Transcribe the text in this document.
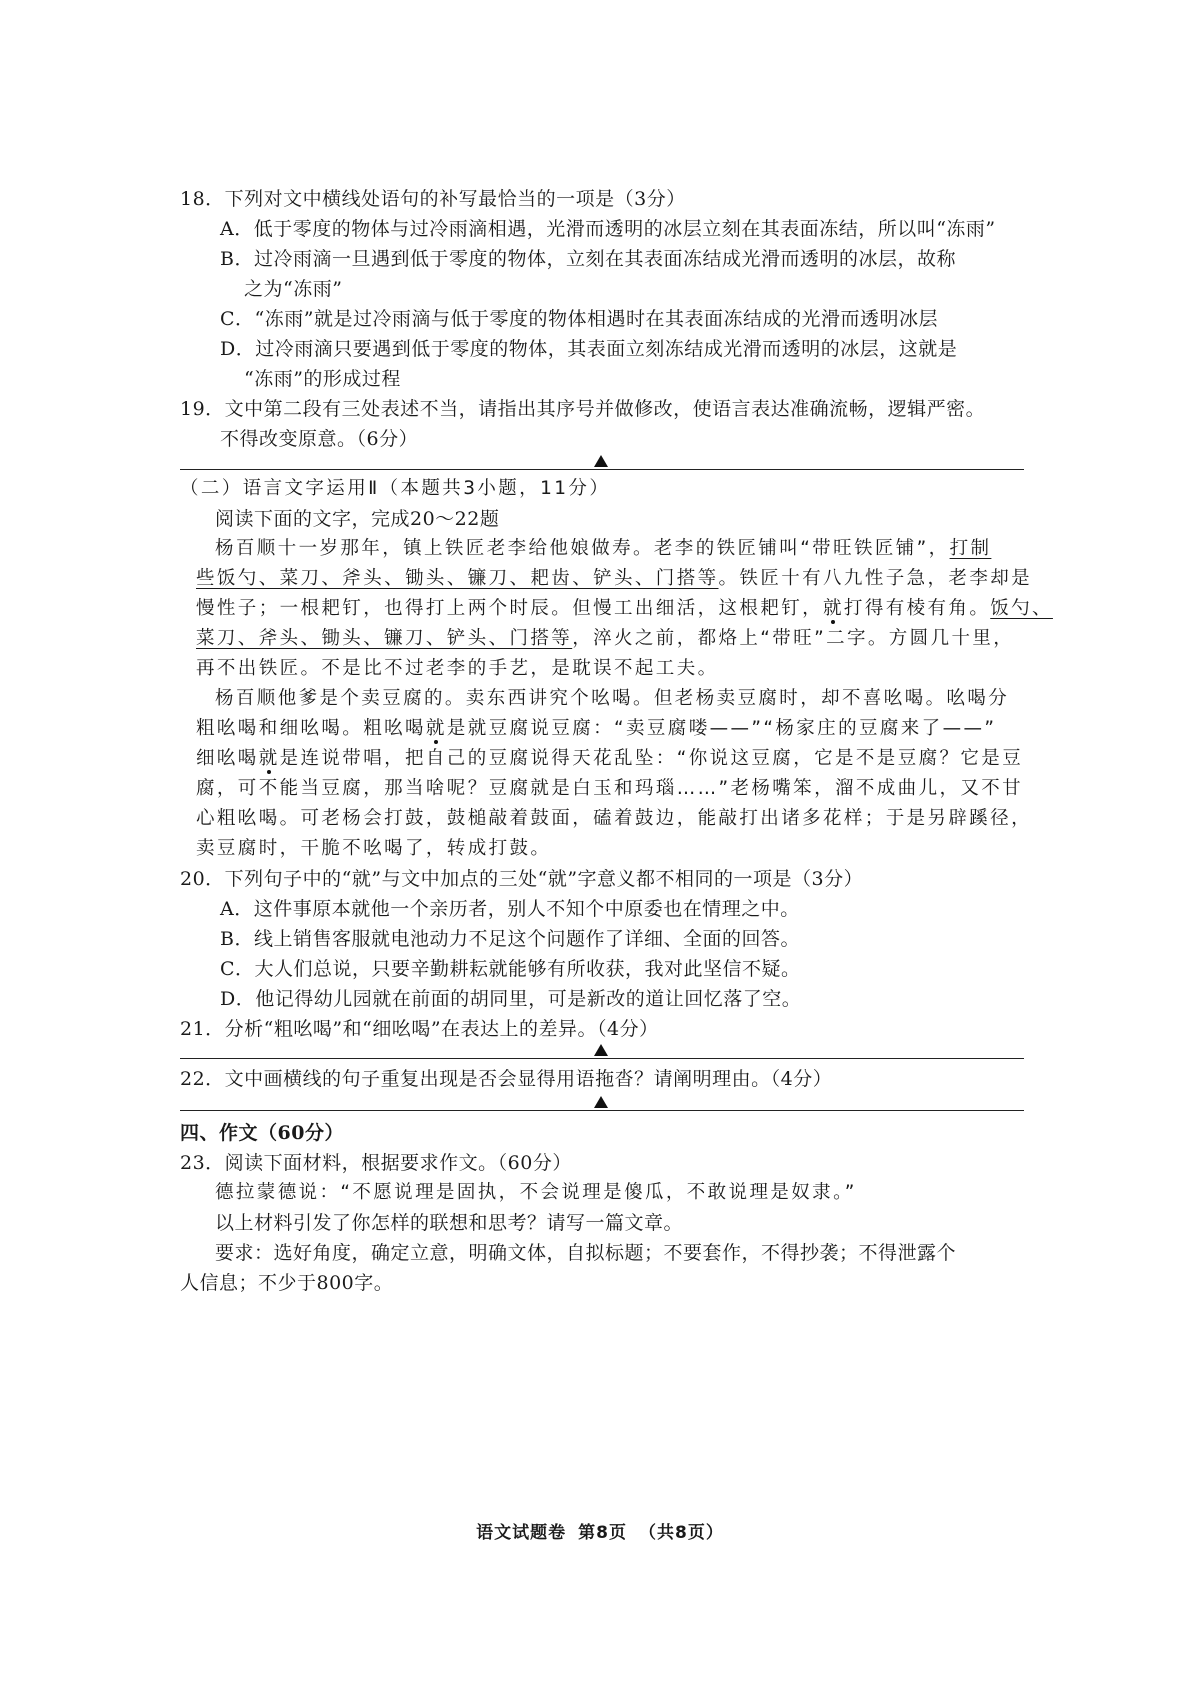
18．下列对文中横线处语句的补写最恰当的一项是（3分）
A．低于零度的物体与过冷雨滴相遇，光滑而透明的冰层立刻在其表面冻结，所以叫“冻雨”
B．过冷雨滴一旦遇到低于零度的物体，立刻在其表面冻结成光滑而透明的冰层，故称
之为“冻雨”
C．“冻雨”就是过冷雨滴与低于零度的物体相遇时在其表面冻结成的光滑而透明冰层
D．过冷雨滴只要遇到低于零度的物体，其表面立刻冻结成光滑而透明的冰层，这就是
“冻雨”的形成过程
19．文中第二段有三处表述不当，请指出其序号并做修改，使语言表达准确流畅，逻辑严密。
不得改变原意。（6分）
（二）语言文字运用Ⅱ（本题共3小题，11分）
阅读下面的文字，完成20～22题
杨百顺十一岁那年，镇上铁匠老李给他娘做寿。老李的铁匠铺叫“带旺铁匠铺”，打制
些饭勺、菜刀、斧头、锄头、镰刀、耙齿、铲头、门搭等。铁匠十有八九性子急，老李却是
慢性子；一根耙钉，也得打上两个时辰。但慢工出细活，这根耙钉，就打得有棱有角。饭勺、
菜刀、斧头、锄头、镰刀、铲头、门搭等，淬火之前，都烙上“带旺”二字。方圆几十里，
再不出铁匠。不是比不过老李的手艺，是耽误不起工夫。
杨百顺他爹是个卖豆腐的。卖东西讲究个吆喝。但老杨卖豆腐时，却不喜吆喝。吆喝分
粗吆喝和细吆喝。粗吆喝就是就豆腐说豆腐：“卖豆腐喽——”“杨家庄的豆腐来了——”
细吆喝就是连说带唱，把自己的豆腐说得天花乱坠：“你说这豆腐，它是不是豆腐？它是豆
腐，可不能当豆腐，那当啥呢？豆腐就是白玉和玛瑙……”老杨嘴笨，溜不成曲儿，又不甘
心粗吆喝。可老杨会打鼓，鼓槌敲着鼓面，磕着鼓边，能敲打出诸多花样；于是另辟蹊径，
卖豆腐时，干脆不吆喝了，转成打鼓。
20．下列句子中的“就”与文中加点的三处“就”字意义都不相同的一项是（3分）
A．这件事原本就他一个亲历者，别人不知个中原委也在情理之中。
B．线上销售客服就电池动力不足这个问题作了详细、全面的回答。
C．大人们总说，只要辛勤耕耘就能够有所收获，我对此坚信不疑。
D．他记得幼儿园就在前面的胡同里，可是新改的道让回忆落了空。
21．分析“粗吆喝”和“细吆喝”在表达上的差异。（4分）
22．文中画横线的句子重复出现是否会显得用语拖沓？请阐明理由。（4分）
四、作文（60分）
23．阅读下面材料，根据要求作文。（60分）
德拉蒙德说：“不愿说理是固执，不会说理是傻瓜，不敢说理是奴隶。”
以上材料引发了你怎样的联想和思考？请写一篇文章。
要求：选好角度，确定立意，明确文体，自拟标题；不要套作，不得抄袭；不得泄露个
人信息；不少于800字。
语文试题卷 第8页 （共8页）
